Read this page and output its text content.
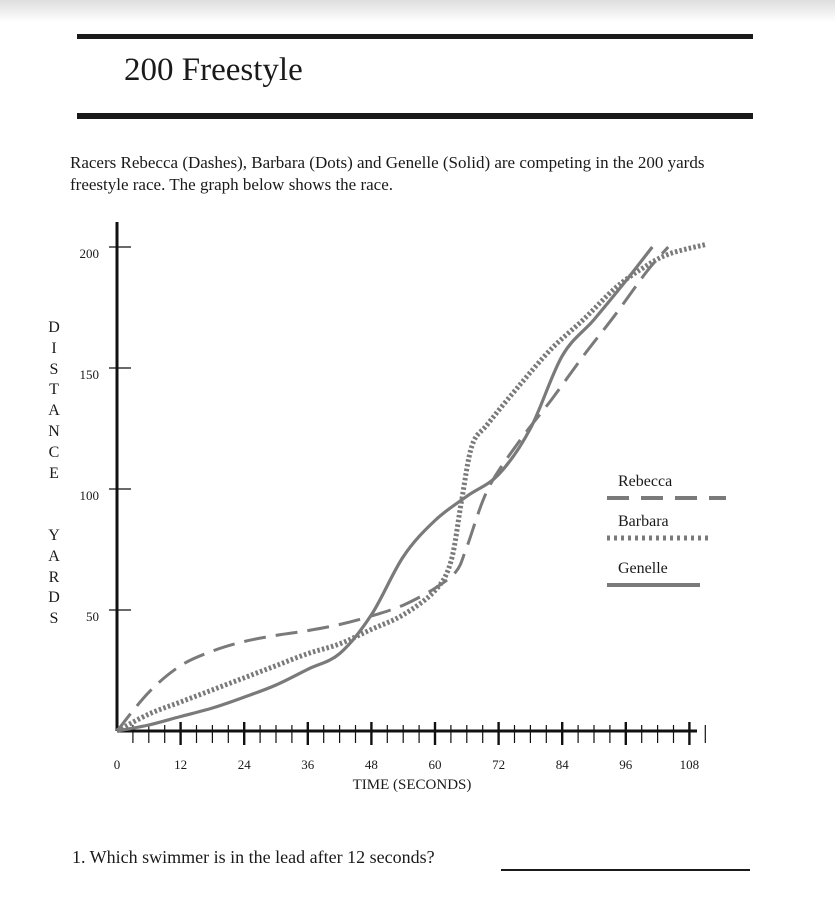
200 Freestyle
Racers Rebecca (Dashes), Barbara (Dots) and Genelle (Solid) are competing in the 200 yards freestyle race. The graph below shows the race.
D
I
S
T
A
N
C
E

Y
A
R
D
S
0	12	24	36	48	60	72	84	96	108
50
100
150
200
Rebecca
Barbara
Genelle
TIME (SECONDS)
1. Which swimmer is in the lead after 12 seconds?
